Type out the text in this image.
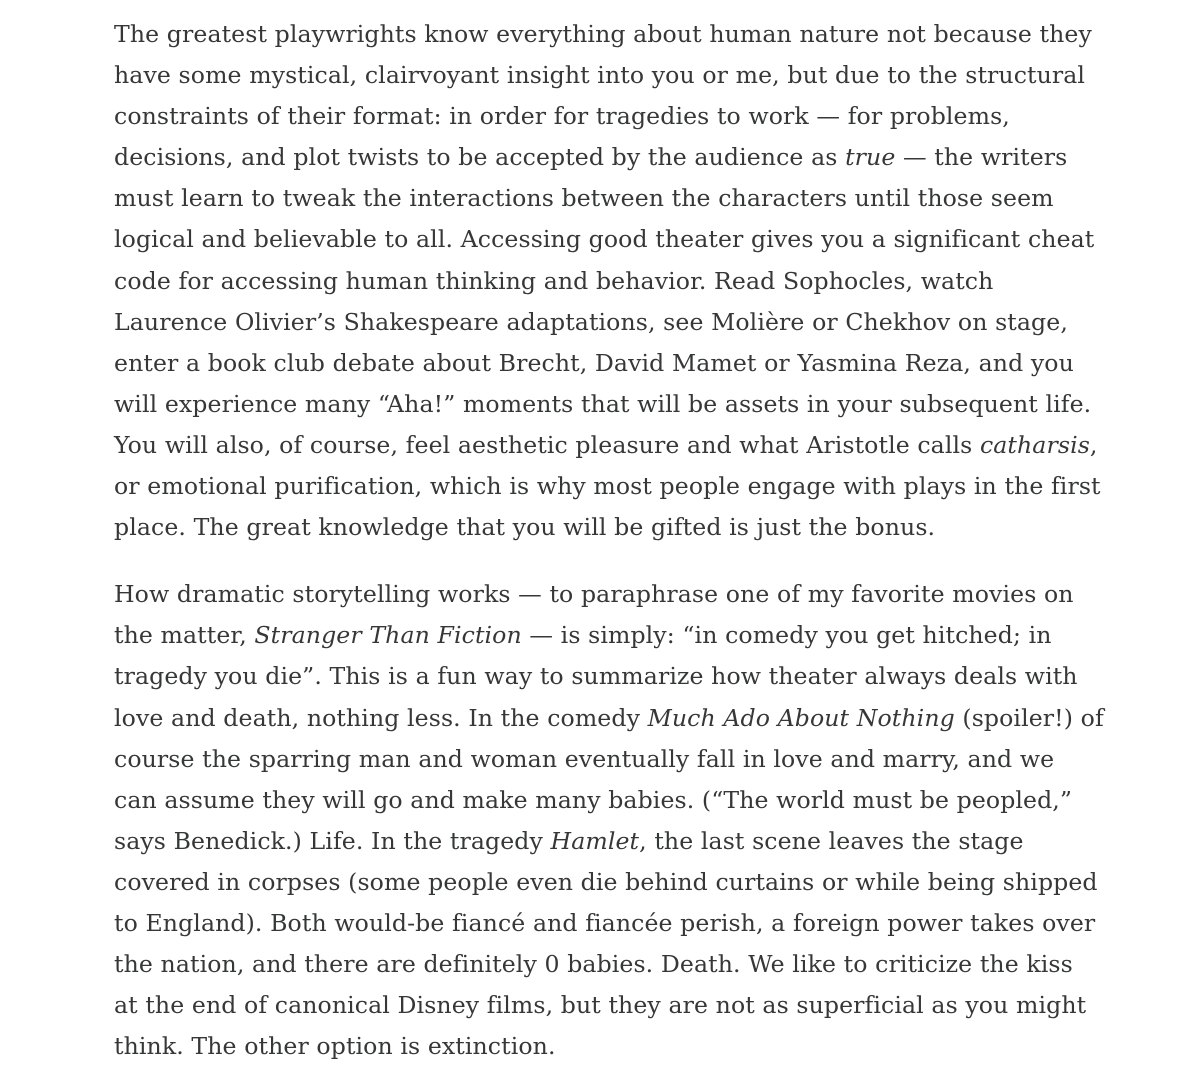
The greatest playwrights know everything about human nature not because they have some mystical, clairvoyant insight into you or me, but due to the structural constraints of their format: in order for tragedies to work — for problems, decisions, and plot twists to be accepted by the audience as true — the writers must learn to tweak the interactions between the characters until those seem logical and believable to all. Accessing good theater gives you a significant cheat code for accessing human thinking and behavior. Read Sophocles, watch Laurence Olivier’s Shakespeare adaptations, see Molière or Chekhov on stage, enter a book club debate about Brecht, David Mamet or Yasmina Reza, and you will experience many “Aha!” moments that will be assets in your subsequent life. You will also, of course, feel aesthetic pleasure and what Aristotle calls catharsis, or emotional purification, which is why most people engage with plays in the first place. The great knowledge that you will be gifted is just the bonus.

How dramatic storytelling works — to paraphrase one of my favorite movies on the matter, Stranger Than Fiction — is simply: “in comedy you get hitched; in tragedy you die”. This is a fun way to summarize how theater always deals with love and death, nothing less. In the comedy Much Ado About Nothing (spoiler!) of course the sparring man and woman eventually fall in love and marry, and we can assume they will go and make many babies. (“The world must be peopled,” says Benedick.) Life. In the tragedy Hamlet, the last scene leaves the stage covered in corpses (some people even die behind curtains or while being shipped to England). Both would-be fiancé and fiancée perish, a foreign power takes over the nation, and there are definitely 0 babies. Death. We like to criticize the kiss at the end of canonical Disney films, but they are not as superficial as you might think. The other option is extinction.
